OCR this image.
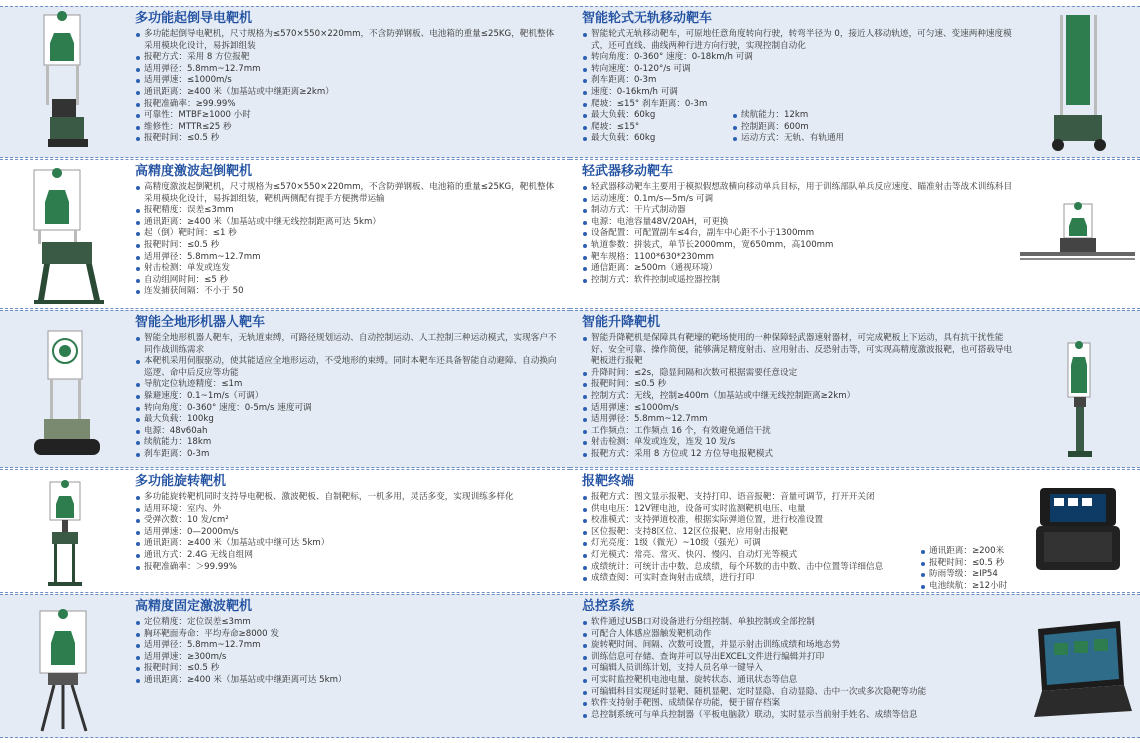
多功能起倒导电靶机
多功能起倒导电靶机，尺寸规格为≤570×550×220mm，不含防弹钢板、电池箱的重量≤25KG，靶机整体采用模块化设计，易拆卸组装
报靶方式：采用 8 方位报靶
适用弹径：5.8mm~12.7mm
适用弹速：≤1000m/s
通讯距离：≥400 米（加基站或中继距离≥2km）
报靶准确率：≥99.99%
可靠性：MTBF≥1000 小时
维修性：MTTR≤25 秒
报靶时间：≤0.5 秒
高精度激波起倒靶机
高精度激波起倒靶机，尺寸规格为≤570×550×220mm，不含防弹钢板、电池箱的重量≤25KG，靶机整体采用模块化设计，易拆卸组装，靶机两侧配有提手方便携带运输
报靶精度：误差≤3mm
通讯距离：≥400 米（加基站或中继无线控制距离可达 5km）
起（倒）靶时间：≤1 秒
报靶时间：≤0.5 秒
适用弹径：5.8mm~12.7mm
射击检测：单发或连发
自动组网时间：≤5 秒
连发捕获间隔：不小于 50
智能全地形机器人靶车
智能全地形机器人靶车，无轨道束缚，可路径规划运动、自动控制运动、人工控制三种运动模式，实现客户不同作战训练需求
本靶机采用伺服驱动，使其能适应全地形运动，不受地形的束缚。同时本靶车还具备智能自动避障、自动换向巡逻、命中后反应等功能
导航定位轨迹精度：≤1m
躲避速度：0.1~1m/s（可调）
转向角度：0-360° 速度：0-5m/s 速度可调
最大负载：100kg
电源：48v60ah
续航能力：18km
刹车距离：0-3m
多功能旋转靶机
多功能旋转靶机同时支持导电靶板、激波靶板、自制靶标，一机多用，灵活多变，实现训练多样化
适用环境：室内、外
受弹次数：10 发/cm²
适用弹速：0—2000m/s
通讯距离：≥400 米（加基站或中继可达 5km）
通讯方式：2.4G 无线自组网
报靶准确率：＞99.99%
高精度固定激波靶机
定位精度：定位误差≤3mm
胸环靶面寿命：平均寿命≥8000 发
适用弹径：5.8mm~12.7mm
适用弹速：≥300m/s
报靶时间：≤0.5 秒
通讯距离：≥400 米（加基站或中继距离可达 5km）
智能轮式无轨移动靶车
智能轮式无轨移动靶车，可原地任意角度转向行驶，转弯半径为 0，接近人移动轨迹，可匀速、变速两种速度模式，还可直线、曲线两种行进方向行驶，实现控制自动化
转向角度：0-360° 速度：0-18km/h 可调
转向速度：0-120°/s 可调
刹车距离：0-3m
速度：0-16km/h 可调
爬坡：≤15° 刹车距离：0-3m
最大负载：60kg
爬坡：≤15°
最大负载：60kg
续航能力：12km
控制距离：600m
运动方式：无轨、有轨通用
轻武器移动靶车
轻武器移动靶车主要用于模拟假想敌横向移动单兵目标，用于训练部队单兵反应速度、瞄准射击等战术训练科目
运动速度：0.1m/s—5m/s 可调
制动方式：干片式制动器
电源：电池容量48V/20AH，可更换
设备配置：可配置副车≤4台，副车中心距不小于1300mm
轨道参数：拼装式，单节长2000mm，宽650mm，高100mm
靶车规格：1100*630*230mm
通信距离：≥500m（通视环境）
控制方式：软件控制或遥控器控制
智能升降靶机
智能升降靶机是保障具有靶壕的靶场使用的一种保障轻武器速射器材，可完成靶板上下运动，具有抗干扰性能好、安全可靠、操作简便，能够满足精度射击、应用射击、反恐射击等，可实现高精度激波报靶，也可搭载导电靶板进行报靶
升降时间：≤2s，隐显间隔和次数可根据需要任意设定
报靶时间：≤0.5 秒
控制方式：无线，控制≥400m（加基站或中继无线控制距离≥2km）
适用弹速：≤1000m/s
适用弹径：5.8mm~12.7mm
工作频点：工作频点 16 个，有效避免通信干扰
射击检测：单发或连发，连发 10 发/s
报靶方式：采用 8 方位或 12 方位导电报靶模式
报靶终端
报靶方式：图文显示报靶、支持打印、语音报靶：音量可调节，打开开关闭
供电电压：12V锂电池，设备可实时监测靶机电压、电量
校准模式：支持弹道校准，根据实际弹道位置，进行校准设置
区位报靶：支持8区位、12区位报靶、应用射击报靶
灯光亮度：1级（微光）~10级（强光）可调
灯光模式：常亮、常灭、快闪、慢闪、自动灯光等模式
成绩统计：可统计击中数、总成绩，每个环数的击中数、击中位置等详细信息
成绩查阅：可实时查询射击成绩，进行打印
通讯距离：≥200米
报靶时间：≤0.5 秒
防雨等级：≥IP54
电池续航：≥12小时
总控系统
软件通过USB口对设备进行分组控制、单独控制或全部控制
可配合人体感应器触发靶机动作
旋转靶时间、间隔、次数可设置，并显示射击训练成绩和场地态势
训练信息可存储、查询并可以导出EXCEL文件进行编辑并打印
可编辑人员训练计划，支持人员名单一键导入
可实时监控靶机电池电量、旋转状态、通讯状态等信息
可编辑科目实现延时显靶、随机显靶、定时显隐、自动显隐、击中一次或多次隐靶等功能
软件支持射手靶图、成绩保存功能，便于留存档案
总控制系统可与单兵控制器（平板电脑款）联动，实时显示当前射手姓名、成绩等信息
